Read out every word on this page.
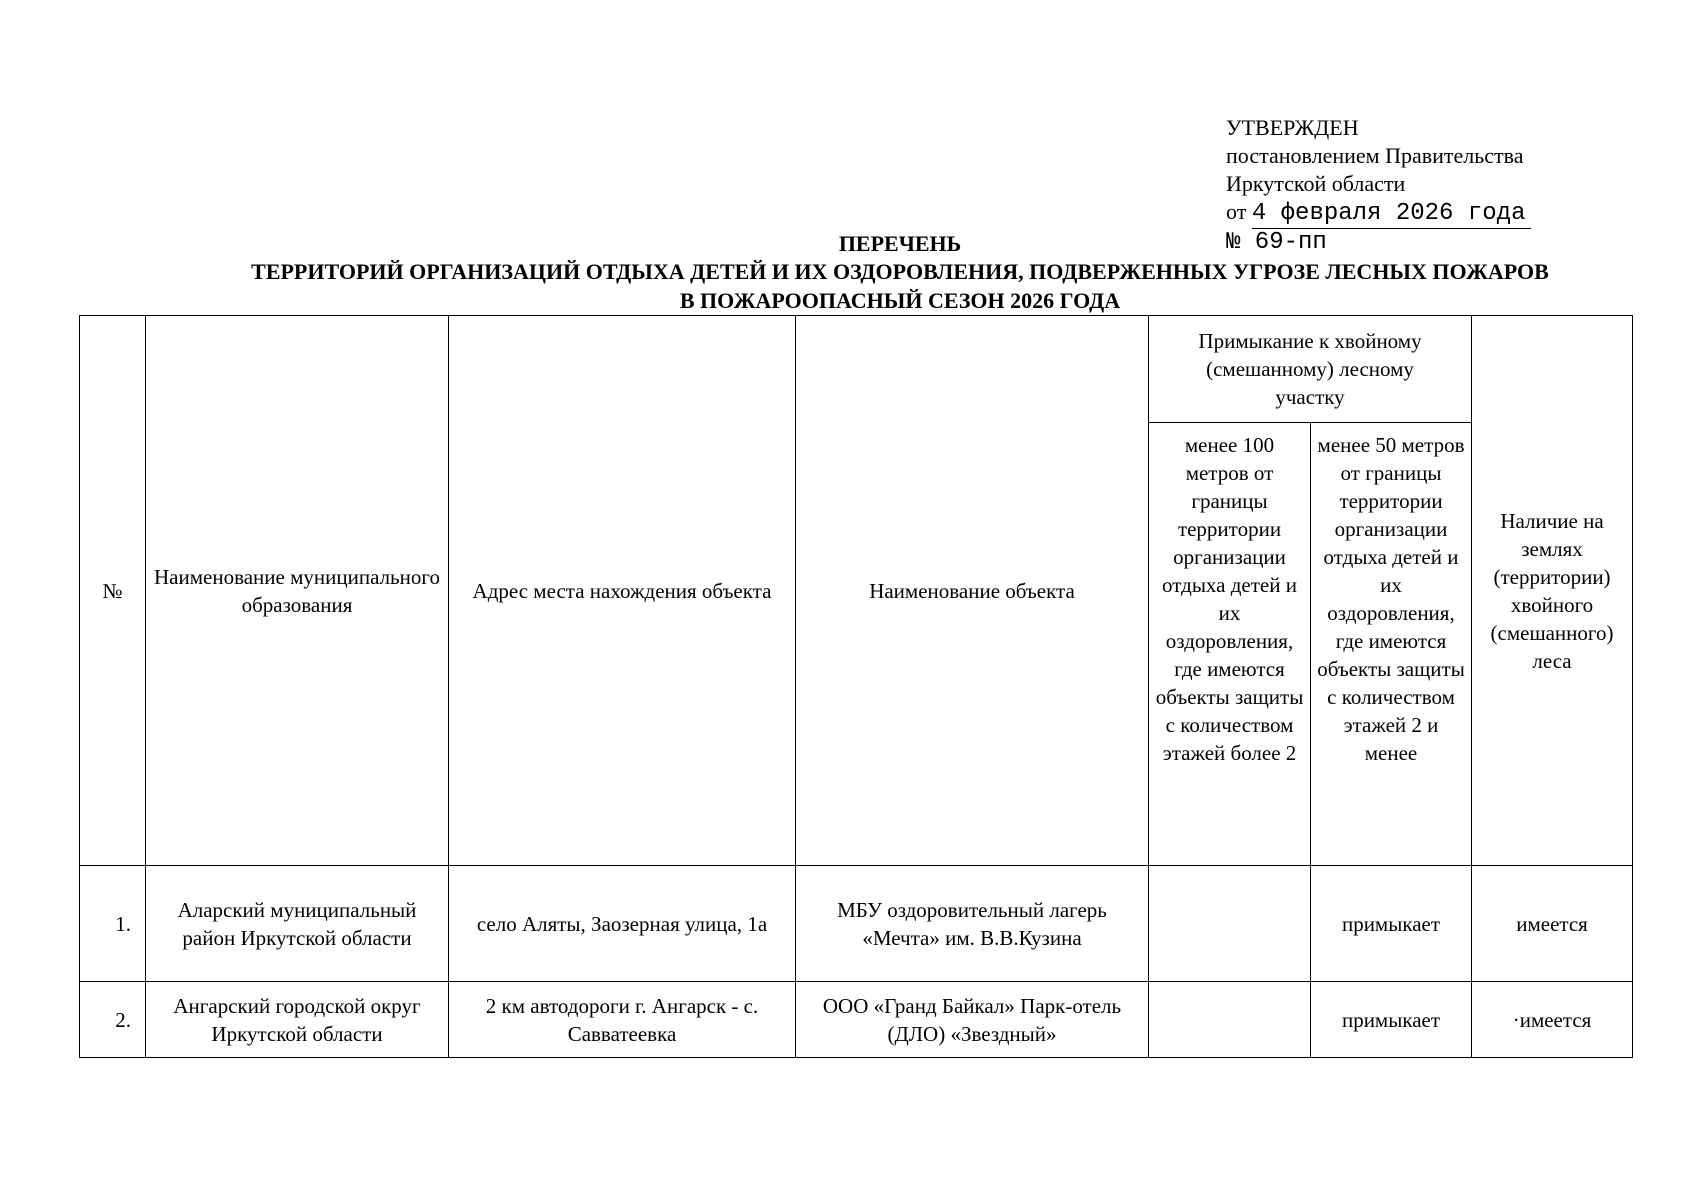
УТВЕРЖДЕН
постановлением Правительства
Иркутской области
от 4 февраля 2026 года
№ 69-пп
ПЕРЕЧЕНЬ
ТЕРРИТОРИЙ ОРГАНИЗАЦИЙ ОТДЫХА ДЕТЕЙ И ИХ ОЗДОРОВЛЕНИЯ, ПОДВЕРЖЕННЫХ УГРОЗЕ ЛЕСНЫХ ПОЖАРОВ
В ПОЖАРООПАСНЫЙ СЕЗОН 2026 ГОДА
№	Наименование муниципального образования	Адрес места нахождения объекта	Наименование объекта	Примыкание к хвойному (смешанному) лесному участку		Наличие на землях (территории) хвойного (смешанного) леса
				менее 100 метров от границы территории организации отдыха детей и их оздоровления, где имеются объекты защиты с количеством этажей более 2	менее 50 метров от границы территории организации отдыха детей и их оздоровления, где имеются объекты защиты с количеством этажей 2 и менее	
1.	Аларский муниципальный район Иркутской области	село Аляты, Заозерная улица, 1а	МБУ оздоровительный лагерь «Мечта» им. В.В.Кузина		примыкает	имеется
2.	Ангарский городской округ Иркутской области	2 км автодороги г. Ангарск - с. Савватеевка	ООО «Гранд Байкал» Парк-отель (ДЛО) «Звездный»		примыкает	·имеется
